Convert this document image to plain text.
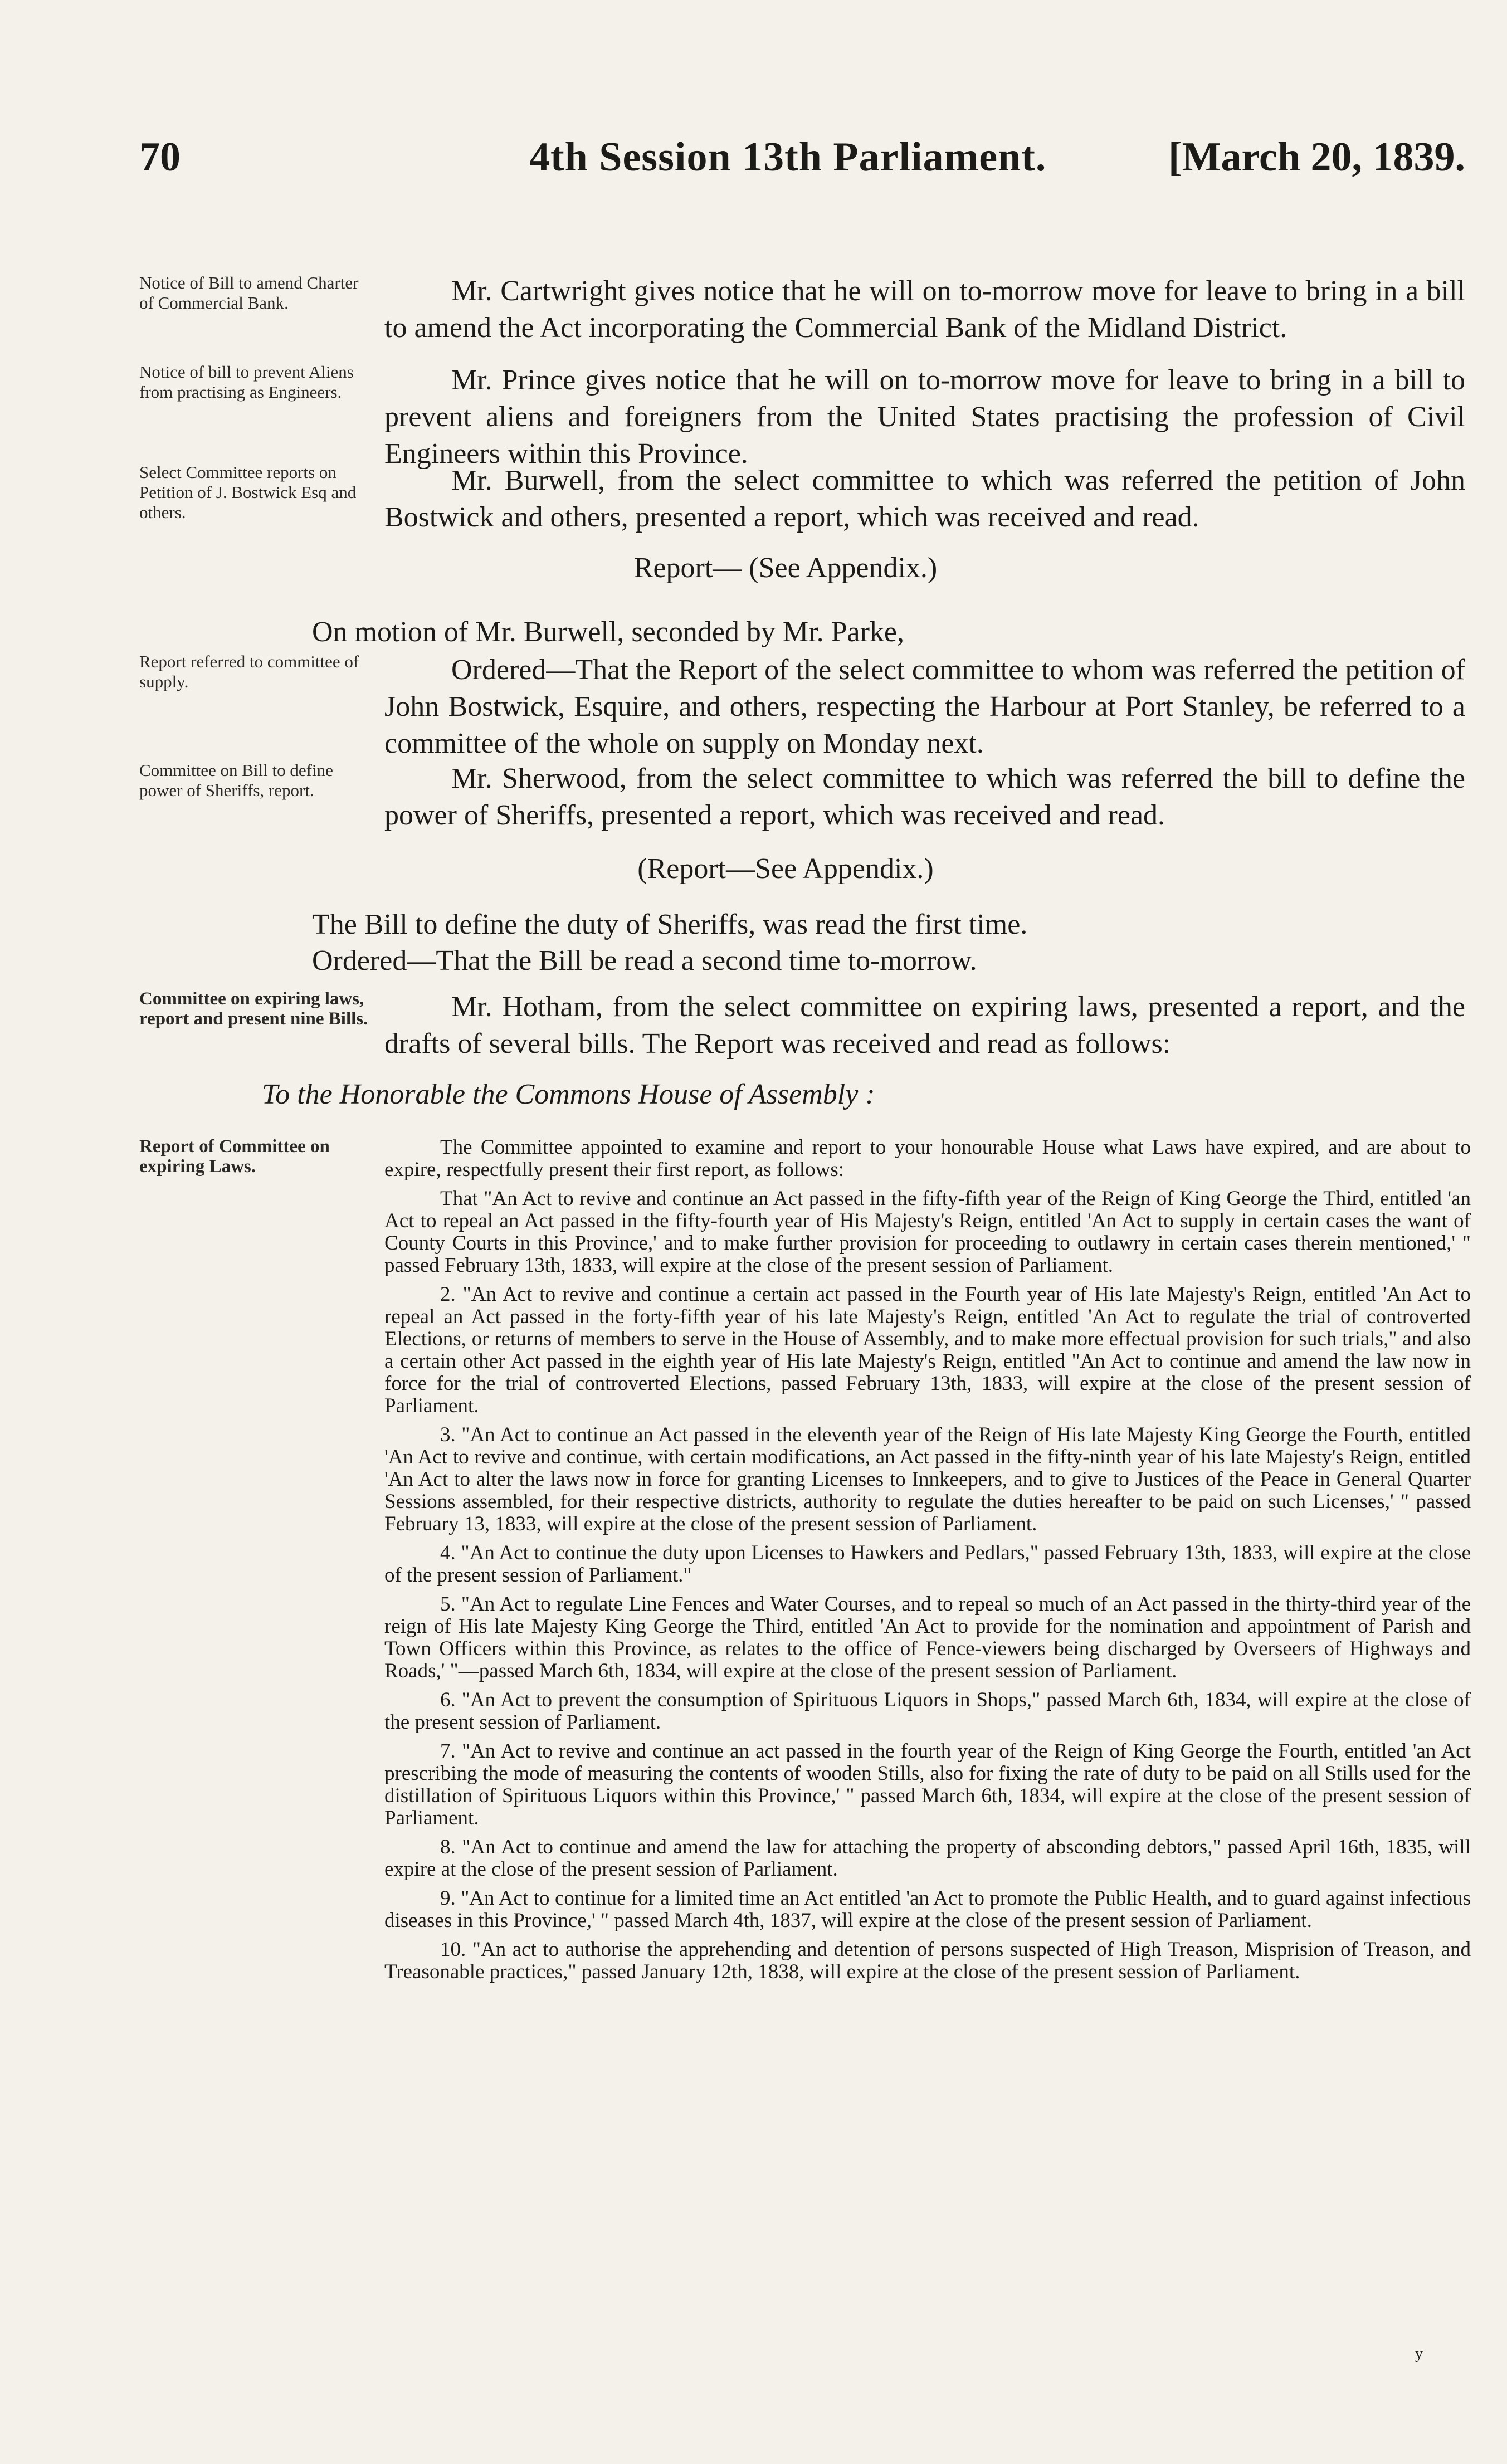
70	4th Session 13th Parliament.	[March 20, 1839.
Notice of Bill to amend Charter of Commercial Bank.	Mr. Cartwright gives notice that he will on to-morrow move for leave to bring in a bill to amend the Act incorporating the Commercial Bank of the Midland District.

Notice of bill to prevent Aliens from practising as Engineers.	Mr. Prince gives notice that he will on to-morrow move for leave to bring in a bill to prevent aliens and foreigners from the United States practising the profession of Civil Engineers within this Province.

Select Committee reports on Petition of J. Bostwick Esq and others.

Mr. Burwell, from the select committee to which was referred the petition of John Bostwick and others, presented a report, which was received and read.

Report— (See Appendix.)
On motion of Mr. Burwell, seconded by Mr. Parke,
Report referred to committee of supply.	Ordered—That the Report of the select committee to whom was referred the petition of John Bostwick, Esquire, and others, respecting the Harbour at Port Stanley, be referred to a committee of the whole on supply on Monday next.

Committee on Bill to define power of Sheriffs, report.	Mr. Sherwood, from the select committee to which was referred the bill to define the power of Sheriffs, presented a report, which was received and read.

(Report—See Appendix.)
The Bill to define the duty of Sheriffs, was read the first time.
Ordered—That the Bill be read a second time to-morrow.
Committee on expiring laws, report and present nine Bills.	Mr. Hotham, from the select committee on expiring laws, presented a report, and the drafts of several bills. The Report was received and read as follows:

To the Honorable the Commons House of Assembly :
Report of Committee on expiring Laws.

The Committee appointed to examine and report to your honourable House what Laws have expired, and are about to expire, respectfully present their first report, as follows:

That "An Act to revive and continue an Act passed in the fifty-fifth year of the Reign of King George the Third, entitled 'an Act to repeal an Act passed in the fifty-fourth year of His Majesty's Reign, entitled 'An Act to supply in certain cases the want of County Courts in this Province,' and to make further provision for proceeding to outlawry in certain cases therein mentioned,' " passed February 13th, 1833, will expire at the close of the present session of Parliament.

2. "An Act to revive and continue a certain act passed in the Fourth year of His late Majesty's Reign, entitled 'An Act to repeal an Act passed in the forty-fifth year of his late Majesty's Reign, entitled 'An Act to regulate the trial of controverted Elections, or returns of members to serve in the House of Assembly, and to make more effectual provision for such trials," and also a certain other Act passed in the eighth year of His late Majesty's Reign, entitled "An Act to continue and amend the law now in force for the trial of controverted Elections, passed February 13th, 1833, will expire at the close of the present session of Parliament.

3. "An Act to continue an Act passed in the eleventh year of the Reign of His late Majesty King George the Fourth, entitled 'An Act to revive and continue, with certain modifications, an Act passed in the fifty-ninth year of his late Majesty's Reign, entitled 'An Act to alter the laws now in force for granting Licenses to Innkeepers, and to give to Justices of the Peace in General Quarter Sessions assembled, for their respective districts, authority to regulate the duties hereafter to be paid on such Licenses,' " passed February 13, 1833, will expire at the close of the present session of Parliament.

4. "An Act to continue the duty upon Licenses to Hawkers and Pedlars," passed February 13th, 1833, will expire at the close of the present session of Parliament."

5. "An Act to regulate Line Fences and Water Courses, and to repeal so much of an Act passed in the thirty-third year of the reign of His late Majesty King George the Third, entitled 'An Act to provide for the nomination and appointment of Parish and Town Officers within this Province, as relates to the office of Fence-viewers being discharged by Overseers of Highways and Roads,' "—passed March 6th, 1834, will expire at the close of the present session of Parliament.

6. "An Act to prevent the consumption of Spirituous Liquors in Shops," passed March 6th, 1834, will expire at the close of the present session of Parliament.

7. "An Act to revive and continue an act passed in the fourth year of the Reign of King George the Fourth, entitled 'an Act prescribing the mode of measuring the contents of wooden Stills, also for fixing the rate of duty to be paid on all Stills used for the distillation of Spirituous Liquors within this Province,' " passed March 6th, 1834, will expire at the close of the present session of Parliament.

8. "An Act to continue and amend the law for attaching the property of absconding debtors," passed April 16th, 1835, will expire at the close of the present session of Parliament.

9. "An Act to continue for a limited time an Act entitled 'an Act to promote the Public Health, and to guard against infectious diseases in this Province,' " passed March 4th, 1837, will expire at the close of the present session of Parliament.

10. "An act to authorise the apprehending and detention of persons suspected of High Treason, Misprision of Treason, and Treasonable practices," passed January 12th, 1838, will expire at the close of the present session of Parliament.

y
